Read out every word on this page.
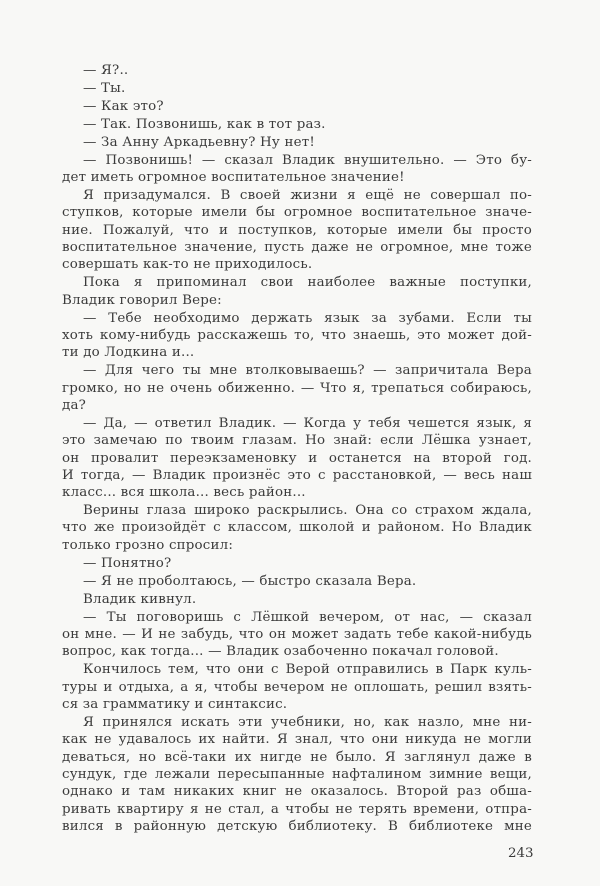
— Я?..
— Ты.
— Как это?
— Так. Позвонишь, как в тот раз.
— За Анну Аркадьевну? Ну нет!
— Позвонишь! — сказал Владик внушительно. — Это бу-
дет иметь огромное воспитательное значение!
Я призадумался. В своей жизни я ещё не совершал по-
ступков, которые имели бы огромное воспитательное значе-
ние. Пожалуй, что и поступков, которые имели бы просто
воспитательное значение, пусть даже не огромное, мне тоже
совершать как-то не приходилось.
Пока я припоминал свои наиболее важные поступки,
Владик говорил Вере:
— Тебе необходимо держать язык за зубами. Если ты
хоть кому-нибудь расскажешь то, что знаешь, это может дой-
ти до Лодкина и...
— Для чего ты мне втолковываешь? — запричитала Вера
громко, но не очень обиженно. — Что я, трепаться собираюсь,
да?
— Да, — ответил Владик. — Когда у тебя чешется язык, я
это замечаю по твоим глазам. Но знай: если Лёшка узнает,
он провалит переэкзаменовку и останется на второй год.
И тогда, — Владик произнёс это с расстановкой, — весь наш
класс... вся школа... весь район...
Верины глаза широко раскрылись. Она со страхом ждала,
что же произойдёт с классом, школой и районом. Но Владик
только грозно спросил:
— Понятно?
— Я не проболтаюсь, — быстро сказала Вера.
Владик кивнул.
— Ты поговоришь с Лёшкой вечером, от нас, — сказал
он мне. — И не забудь, что он может задать тебе какой-нибудь
вопрос, как тогда... — Владик озабоченно покачал головой.
Кончилось тем, что они с Верой отправились в Парк куль-
туры и отдыха, а я, чтобы вечером не оплошать, решил взять-
ся за грамматику и синтаксис.
Я принялся искать эти учебники, но, как назло, мне ни-
как не удавалось их найти. Я знал, что они никуда не могли
деваться, но всё-таки их нигде не было. Я заглянул даже в
сундук, где лежали пересыпанные нафталином зимние вещи,
однако и там никаких книг не оказалось. Второй раз обша-
ривать квартиру я не стал, а чтобы не терять времени, отпра-
вился в районную детскую библиотеку. В библиотеке мне
243
